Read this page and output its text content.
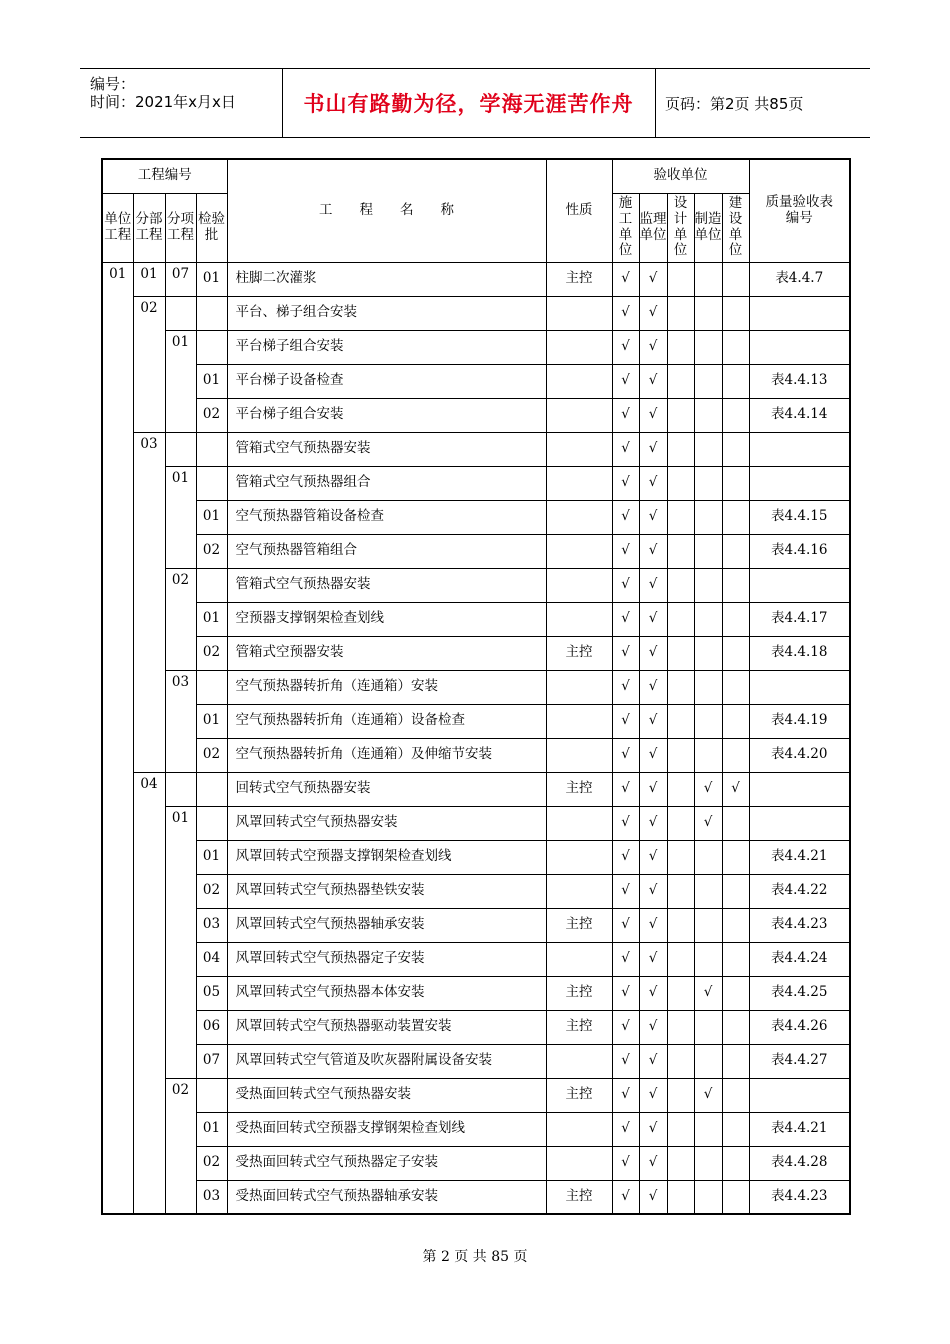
编号：
时间：2021年x月x日	书山有路勤为径，学海无涯苦作舟 页码：第2页 共85页
工程编号				工　　程　　名　　称	性质	验收单位					质量验收表编号
单位工程	分部工程	分项工程	检验批			施工单位	监理单位	设计单位	制造单位	建设单位	
01	01	07	01	柱脚二次灌浆	主控	√	√				表4.4.7
	02			平台、梯子组合安装		√	√				
		01		平台梯子组合安装		√	√				
			01	平台梯子设备检查		√	√				表4.4.13
			02	平台梯子组合安装		√	√				表4.4.14
	03			管箱式空气预热器安装		√	√				
		01		管箱式空气预热器组合		√	√				
			01	空气预热器管箱设备检查		√	√				表4.4.15
			02	空气预热器管箱组合		√	√				表4.4.16
		02		管箱式空气预热器安装		√	√				
			01	空预器支撑钢架检查划线		√	√				表4.4.17
			02	管箱式空预器安装	主控	√	√				表4.4.18
		03		空气预热器转折角（连通箱）安装		√	√				
			01	空气预热器转折角（连通箱）设备检查		√	√				表4.4.19
			02	空气预热器转折角（连通箱）及伸缩节安装		√	√				表4.4.20
	04			回转式空气预热器安装	主控	√	√		√	√	
		01		风罩回转式空气预热器安装		√	√		√		
			01	风罩回转式空预器支撑钢架检查划线		√	√				表4.4.21
			02	风罩回转式空气预热器垫铁安装		√	√				表4.4.22
			03	风罩回转式空气预热器轴承安装	主控	√	√				表4.4.23
			04	风罩回转式空气预热器定子安装		√	√				表4.4.24
			05	风罩回转式空气预热器本体安装	主控	√	√		√		表4.4.25
			06	风罩回转式空气预热器驱动装置安装	主控	√	√				表4.4.26
			07	风罩回转式空气管道及吹灰器附属设备安装		√	√				表4.4.27
		02		受热面回转式空气预热器安装	主控	√	√		√		
			01	受热面回转式空预器支撑钢架检查划线		√	√				表4.4.21
			02	受热面回转式空气预热器定子安装		√	√				表4.4.28
			03	受热面回转式空气预热器轴承安装	主控	√	√				表4.4.23
第 2 页 共 85 页
